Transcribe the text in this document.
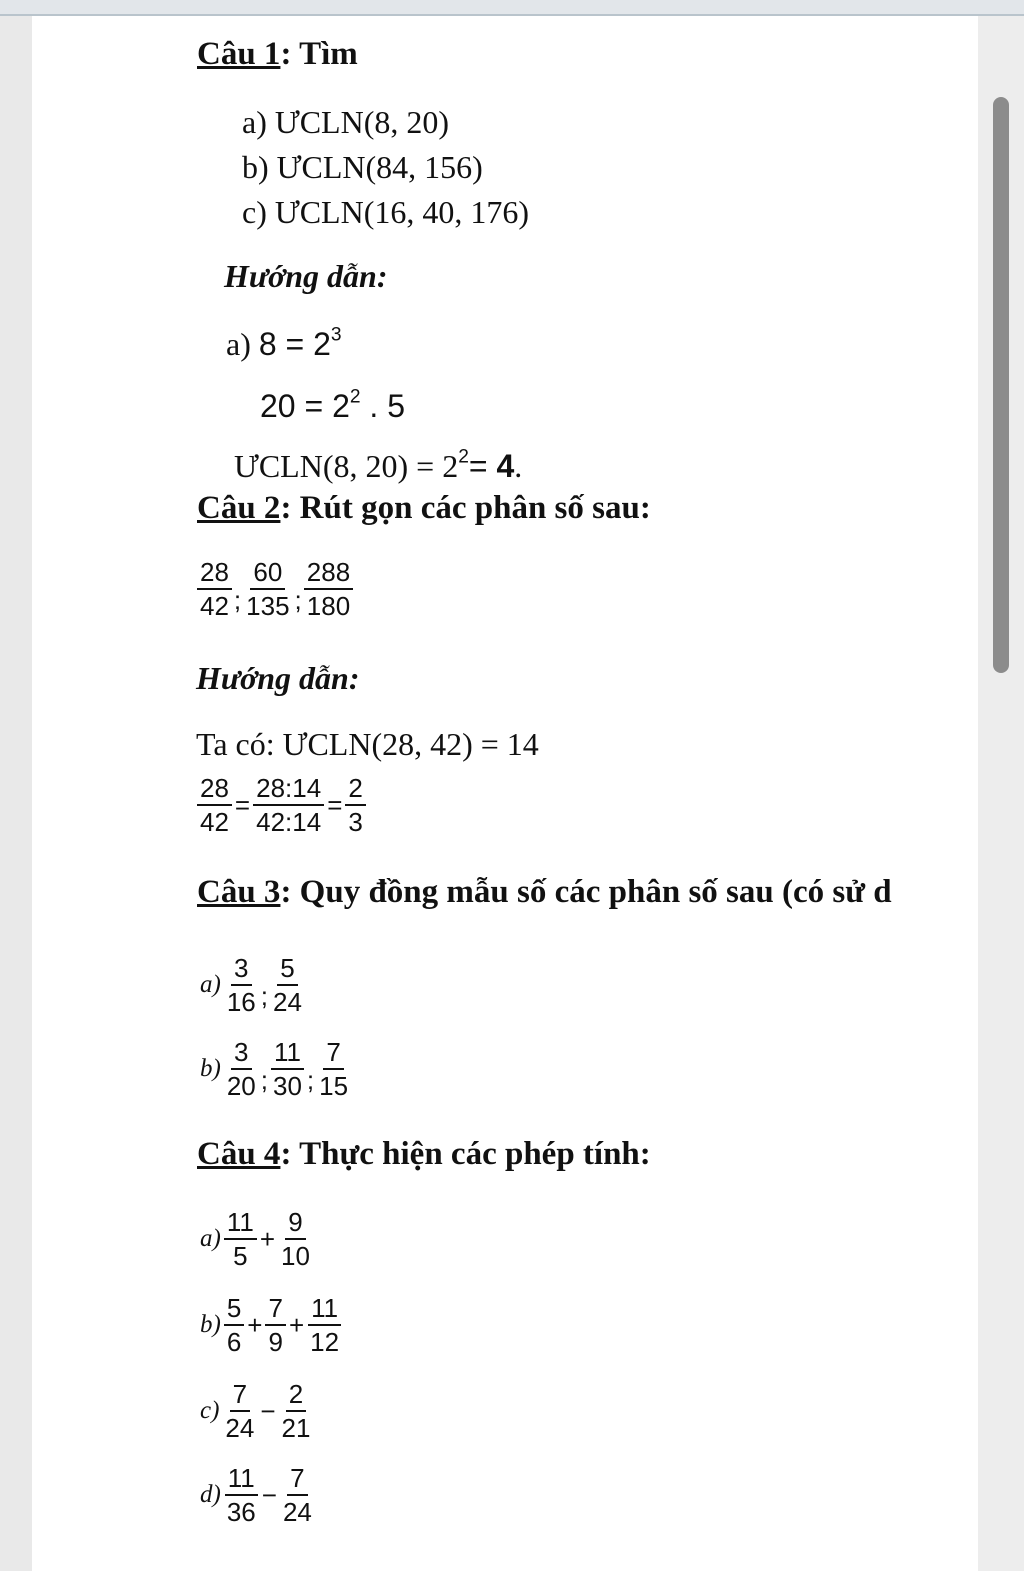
Câu 1: Tìm
a) ƯCLN(8, 20)
b) ƯCLN(84, 156)
c) ƯCLN(16, 40, 176)
Hướng dẫn:
a) $8 = 2^3$
$20 = 2^2$ . 5
ƯCLN(8, $20) = 2^2= 4$.
Câu 2: Rút gọn các phân số sau:
$\frac{28}{42}$ ; $\frac{60}{135}$ ; $\frac{288}{180}$
Hướng dẫn:
Ta có: ƯCLN(28, 42) = 14
$\frac{28}{42} = \frac{28:14}{42:14} = \frac{2}{3}$
Câu 3: Quy đồng mẫu số các phân số sau (có sử d
$a) \frac{3}{16}$ ; $\frac{5}{24}$
$b) \frac{3}{20}$ ; $\frac{11}{30}$ ; $\frac{7}{15}$
Câu 4: Thực hiện các phép tính:
$a) \frac{11}{5} + \frac{9}{10}$
$b) \frac{5}{6} + \frac{7}{9} + \frac{11}{12}$
$c) \frac{7}{24} - \frac{2}{21}$
$d) \frac{11}{36} - \frac{7}{24}$
